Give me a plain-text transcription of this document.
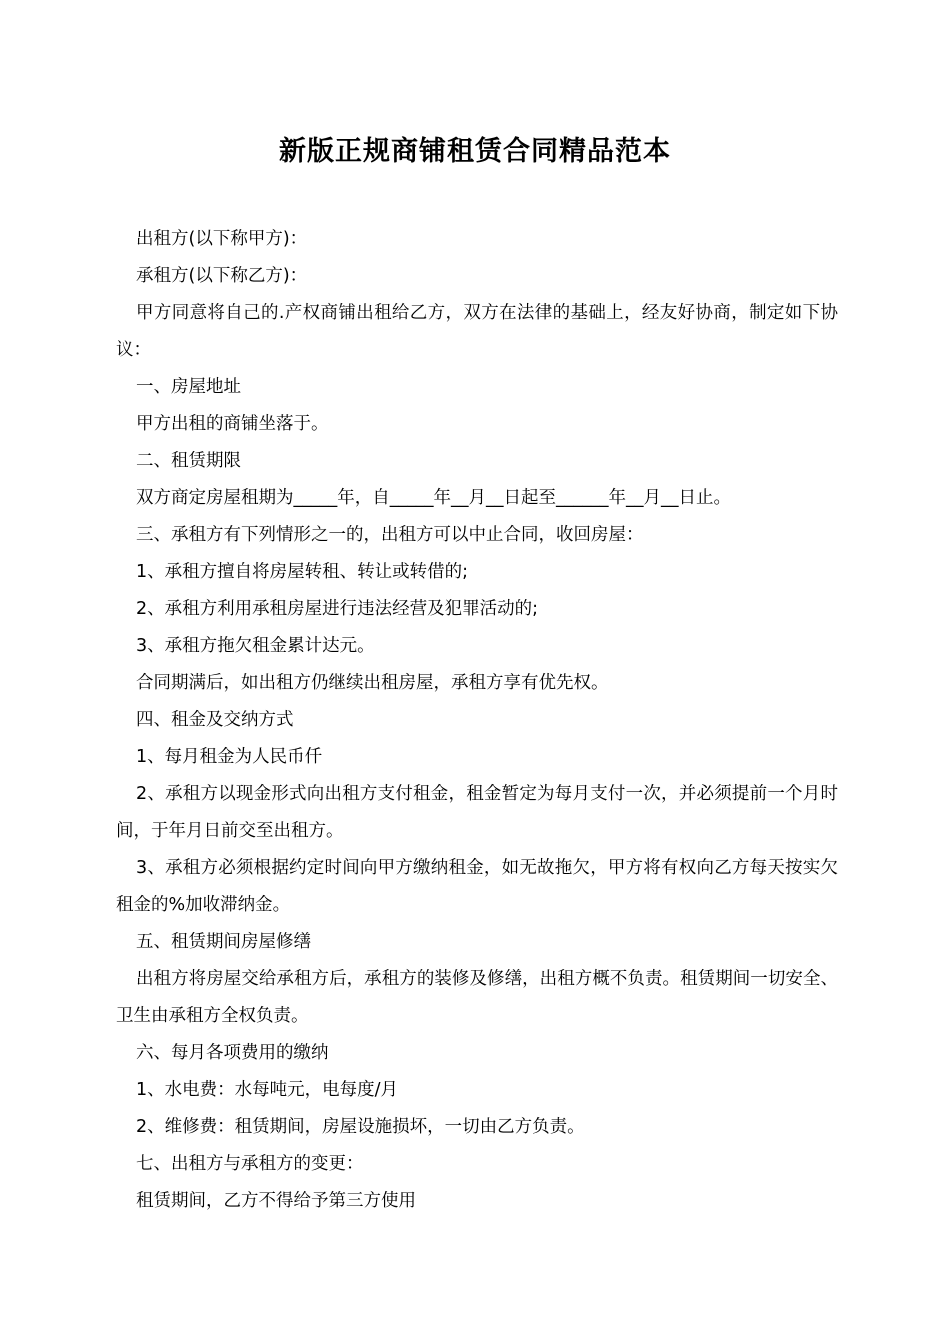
新版正规商铺租赁合同精品范本

出租方(以下称甲方)：

承租方(以下称乙方)：

甲方同意将自己的.产权商铺出租给乙方，双方在法律的基础上，经友好协商，制定如下协议：

一、房屋地址

甲方出租的商铺坐落于。

二、租赁期限

双方商定房屋租期为_____年，自_____年__月__日起至______年__月__日止。

三、承租方有下列情形之一的，出租方可以中止合同，收回房屋：

1、承租方擅自将房屋转租、转让或转借的;

2、承租方利用承租房屋进行违法经营及犯罪活动的;

3、承租方拖欠租金累计达元。

合同期满后，如出租方仍继续出租房屋，承租方享有优先权。

四、租金及交纳方式

1、每月租金为人民币仟

2、承租方以现金形式向出租方支付租金，租金暂定为每月支付一次，并必须提前一个月时间，于年月日前交至出租方。

3、承租方必须根据约定时间向甲方缴纳租金，如无故拖欠，甲方将有权向乙方每天按实欠租金的%加收滞纳金。

五、租赁期间房屋修缮

出租方将房屋交给承租方后，承租方的装修及修缮，出租方概不负责。租赁期间一切安全、卫生由承租方全权负责。

六、每月各项费用的缴纳

1、水电费：水每吨元，电每度/月

2、维修费：租赁期间，房屋设施损坏，一切由乙方负责。

七、出租方与承租方的变更：

租赁期间，乙方不得给予第三方使用
